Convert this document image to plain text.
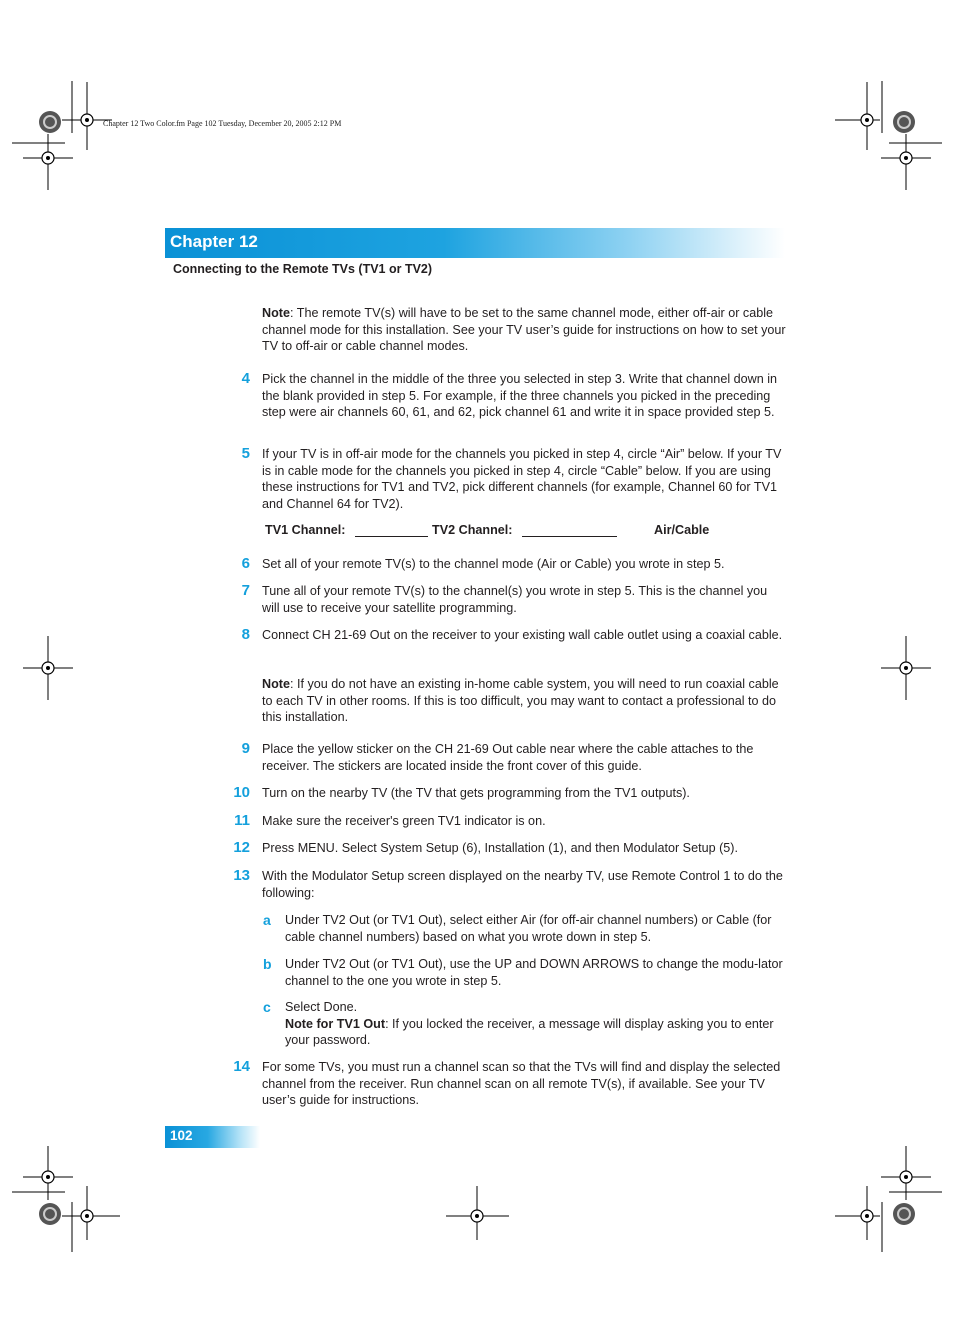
Chapter 12 Two Color.fm Page 102 Tuesday, December 20, 2005 2:12 PM
Chapter 12
Connecting to the Remote TVs (TV1 or TV2)
Note: The remote TV(s) will have to be set to the same channel mode, either off-air or cable channel mode for this installation. See your TV user’s guide for instructions on how to set your TV to off-air or cable channel modes.
4 Pick the channel in the middle of the three you selected in step 3. Write that channel down in the blank provided in step 5. For example, if the three channels you picked in the preceding step were air channels 60, 61, and 62, pick channel 61 and write it in space provided step 5.
5 If your TV is in off-air mode for the channels you picked in step 4, circle “Air” below. If your TV is in cable mode for the channels you picked in step 4, circle “Cable” below. If you are using these instructions for TV1 and TV2, pick different channels (for example, Channel 60 for TV1 and Channel 64 for TV2).
TV1 Channel:	TV2 Channel:	Air/Cable
6 Set all of your remote TV(s) to the channel mode (Air or Cable) you wrote in step 5.
7 Tune all of your remote TV(s) to the channel(s) you wrote in step 5. This is the channel you will use to receive your satellite programming.
8 Connect CH 21-69 Out on the receiver to your existing wall cable outlet using a coaxial cable.
Note: If you do not have an existing in-home cable system, you will need to run coaxial cable to each TV in other rooms. If this is too difficult, you may want to contact a professional to do this installation.
9 Place the yellow sticker on the CH 21-69 Out cable near where the cable attaches to the receiver. The stickers are located inside the front cover of this guide.
10 Turn on the nearby TV (the TV that gets programming from the TV1 outputs).
11 Make sure the receiver's green TV1 indicator is on.
12 Press MENU. Select System Setup (6), Installation (1), and then Modulator Setup (5).
13 With the Modulator Setup screen displayed on the nearby TV, use Remote Control 1 to do the following:
a	Under TV2 Out (or TV1 Out), select either Air (for off-air channel numbers) or Cable (for cable channel numbers) based on what you wrote down in step 5.
b	Under TV2 Out (or TV1 Out), use the UP and DOWN ARROWS to change the modu-lator channel to the one you wrote in step 5.
c	Select Done.
Note for TV1 Out: If you locked the receiver, a message will display asking you to enter your password.
14 For some TVs, you must run a channel scan so that the TVs will find and display the selected channel from the receiver. Run channel scan on all remote TV(s), if available. See your TV user’s guide for instructions.
102
